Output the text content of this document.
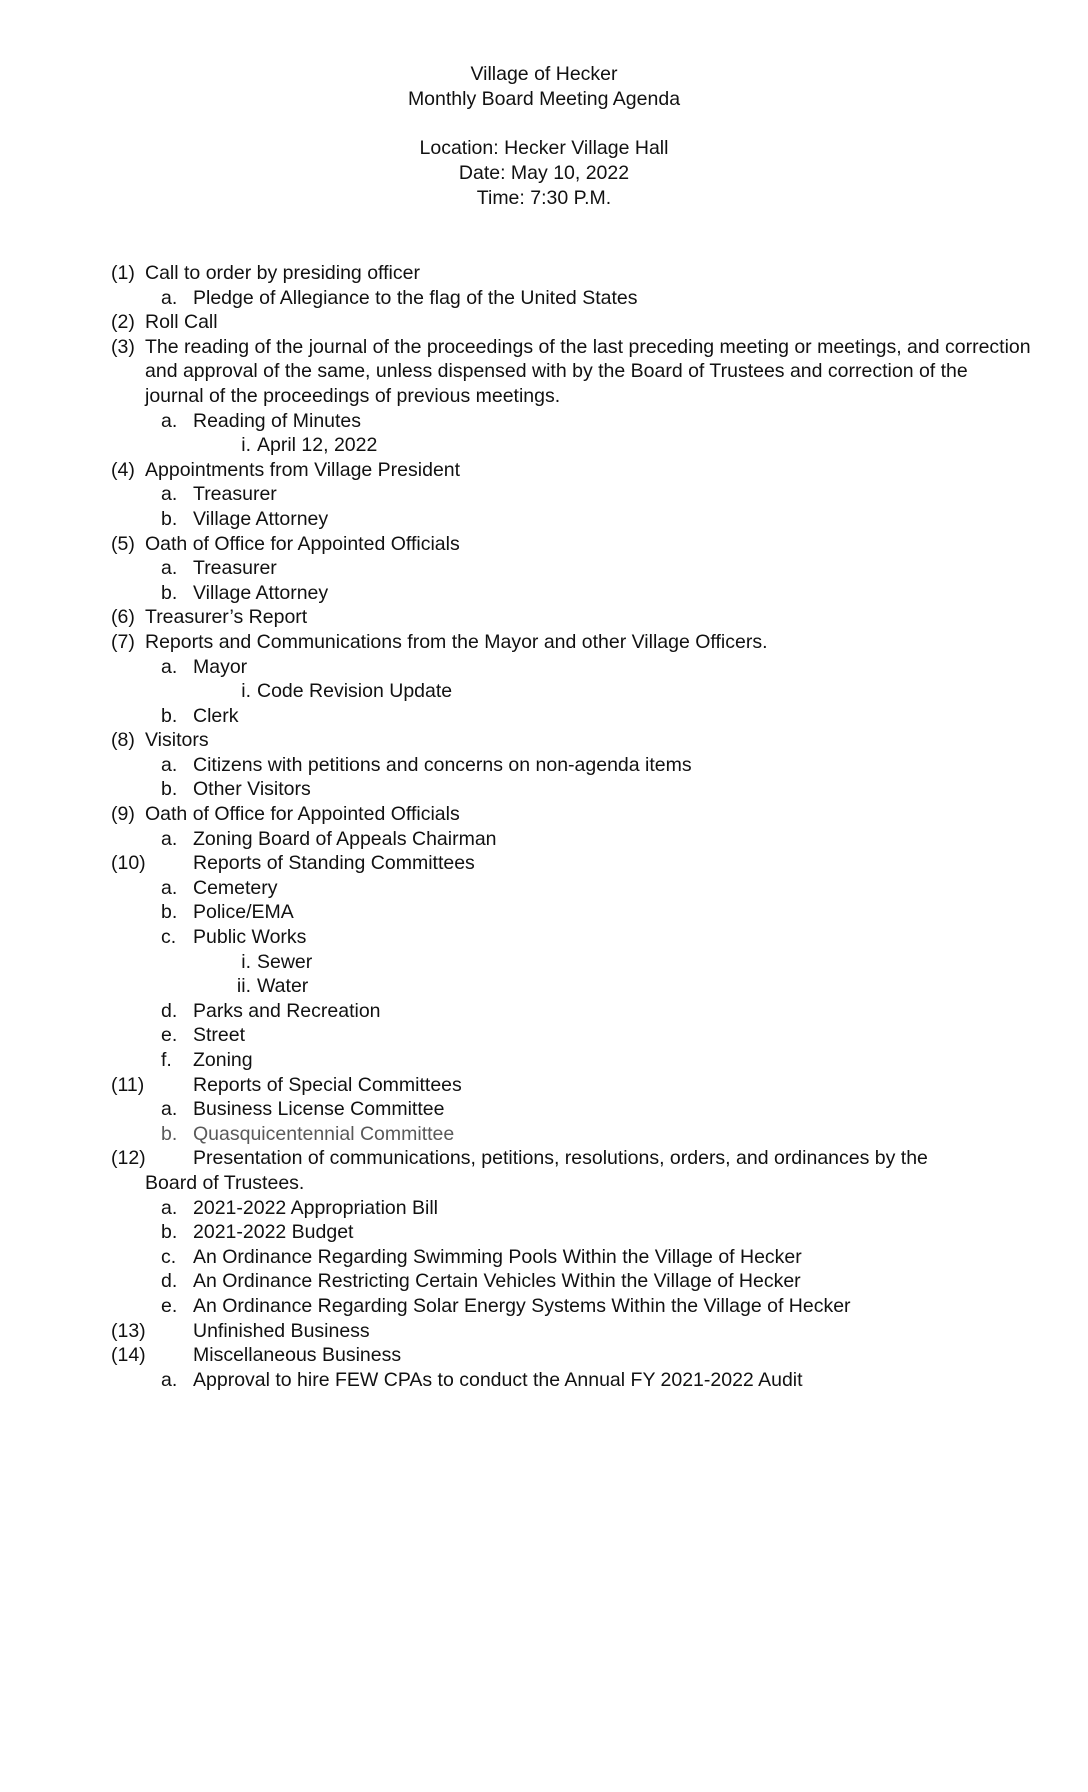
Village of Hecker
Monthly Board Meeting Agenda
Location: Hecker Village Hall
Date: May 10, 2022
Time: 7:30 P.M.
(1) Call to order by presiding officer
a. Pledge of Allegiance to the flag of the United States
(2) Roll Call
(3) The reading of the journal of the proceedings of the last preceding meeting or meetings, and correction and approval of the same, unless dispensed with by the Board of Trustees and correction of the journal of the proceedings of previous meetings.
a. Reading of Minutes
i. April 12, 2022
(4) Appointments from Village President
a. Treasurer
b. Village Attorney
(5) Oath of Office for Appointed Officials
a. Treasurer
b. Village Attorney
(6) Treasurer’s Report
(7) Reports and Communications from the Mayor and other Village Officers.
a. Mayor
i. Code Revision Update
b. Clerk
(8) Visitors
a. Citizens with petitions and concerns on non-agenda items
b. Other Visitors
(9) Oath of Office for Appointed Officials
a. Zoning Board of Appeals Chairman
(10) Reports of Standing Committees
a. Cemetery
b. Police/EMA
c. Public Works
i. Sewer
ii. Water
d. Parks and Recreation
e. Street
f. Zoning
(11)	Reports of Special Committees
a. Business License Committee
b. Quasquicentennial Committee
(12) Presentation of communications, petitions, resolutions, orders, and ordinances by the
Board of Trustees.
a. 2021-2022 Appropriation Bill
b. 2021-2022 Budget
c. An Ordinance Regarding Swimming Pools Within the Village of Hecker
d. An Ordinance Restricting Certain Vehicles Within the Village of Hecker
e. An Ordinance Regarding Solar Energy Systems Within the Village of Hecker
(13) Unfinished Business
(14) Miscellaneous Business
a. Approval to hire FEW CPAs to conduct the Annual FY 2021-2022 Audit
